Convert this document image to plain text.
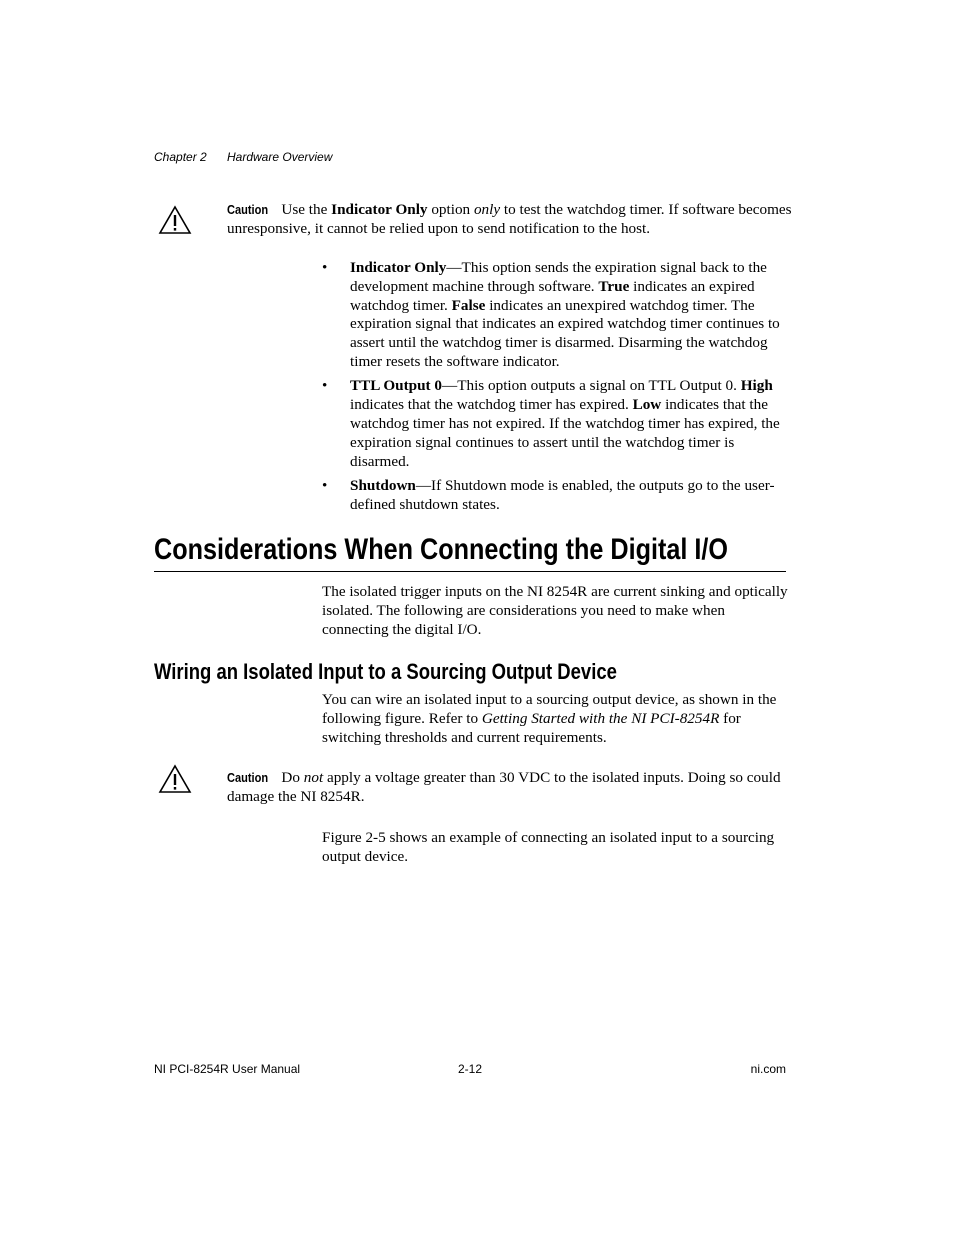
Chapter 2 Hardware Overview
Caution Use the Indicator Only option only to test the watchdog timer. If software becomes unresponsive, it cannot be relied upon to send notification to the host.
• Indicator Only—This option sends the expiration signal back to the development machine through software. True indicates an expired watchdog timer. False indicates an unexpired watchdog timer. The expiration signal that indicates an expired watchdog timer continues to assert until the watchdog timer is disarmed. Disarming the watchdog timer resets the software indicator.
• TTL Output 0—This option outputs a signal on TTL Output 0. High indicates that the watchdog timer has expired. Low indicates that the watchdog timer has not expired. If the watchdog timer has expired, the expiration signal continues to assert until the watchdog timer is disarmed.
• Shutdown—If Shutdown mode is enabled, the outputs go to the user-defined shutdown states.
Considerations When Connecting the Digital I/O
The isolated trigger inputs on the NI 8254R are current sinking and optically isolated. The following are considerations you need to make when connecting the digital I/O.
Wiring an Isolated Input to a Sourcing Output Device
You can wire an isolated input to a sourcing output device, as shown in the following figure. Refer to Getting Started with the NI PCI-8254R for switching thresholds and current requirements.
Caution Do not apply a voltage greater than 30 VDC to the isolated inputs. Doing so could damage the NI 8254R.
Figure 2-5 shows an example of connecting an isolated input to a sourcing output device.
NI PCI-8254R User Manual	2-12	ni.com
